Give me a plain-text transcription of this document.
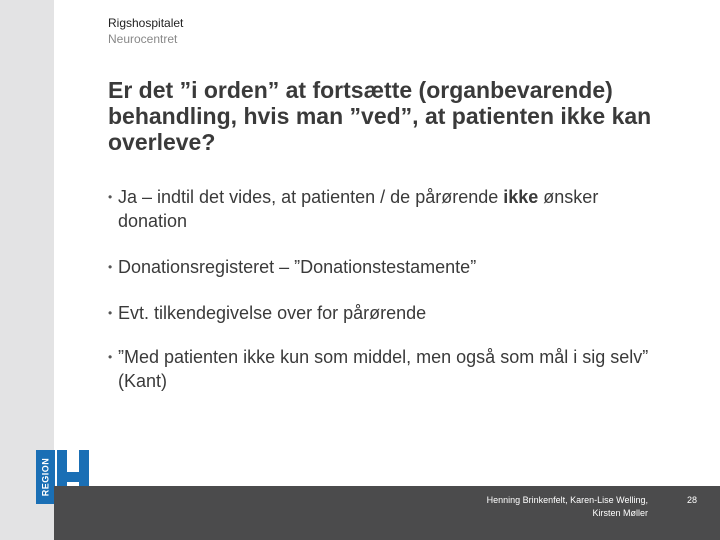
REGION
Rigshospitalet
Neurocentret
Er det ”i orden” at fortsætte (organbevarende) behandling, hvis man ”ved”, at patienten ikke kan overleve?
• Ja – indtil det vides, at patienten / de pårørende ikke ønsker donation
• Donationsregisteret – ”Donationstestamente”
• Evt. tilkendegivelse over for pårørende
• ”Med patienten ikke kun som middel, men også som mål i sig selv” (Kant)
Henning Brinkenfelt, Karen-Lise Welling,
Kirsten Møller
28
